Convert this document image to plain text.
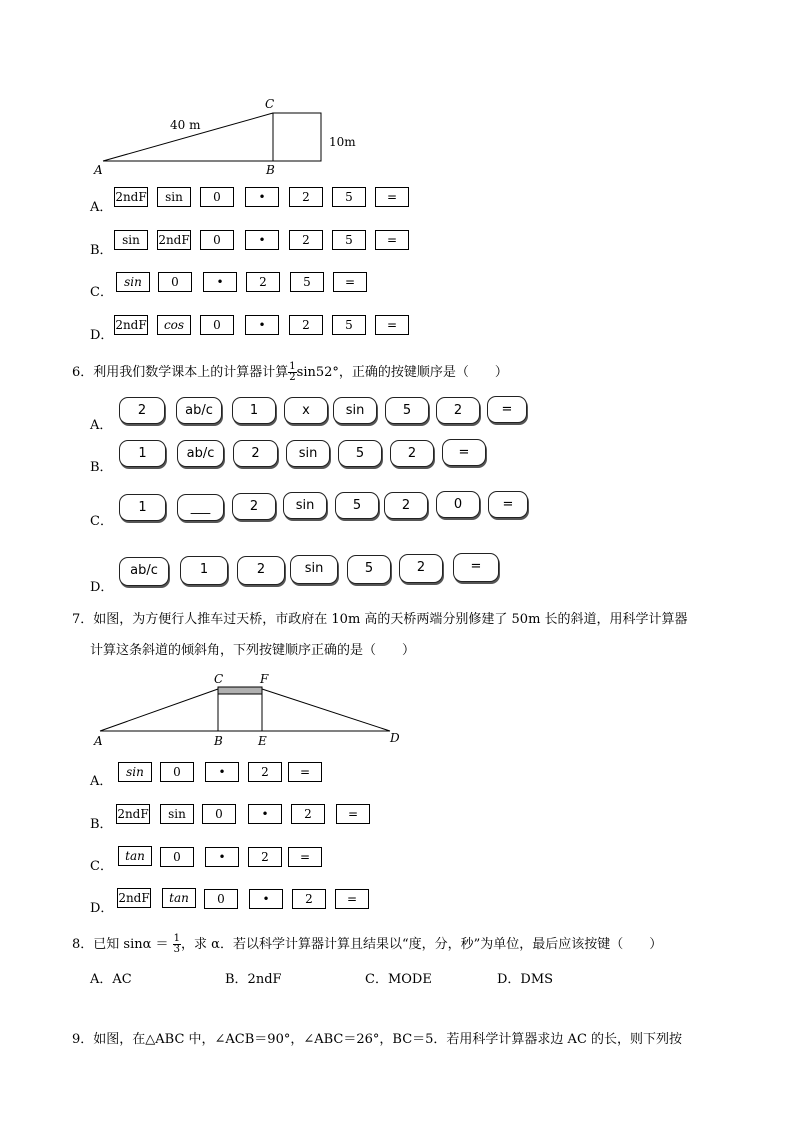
C
A	B
40 m
10m
A．
2ndF	sin	0	•	2	5	=
B．
sin	2ndF	0	•	2	5	=
C．
sin	0	•	2	5	=
D．
2ndF	cos	0	•	2	5	=
6．利用我们数学课本上的计算器计算 $\frac{1}{2} \sin 52^\circ$，正确的按键顺序是（　　）
A．
2	ab/c	1	x	sin	5	2	=
B．
1	ab/c	2	sin	5	2	=
C．
1	___	2	sin	5	2	0	=
D．
ab/c	1	2	sin	5	2	=
7．如图，为方便行人推车过天桥，市政府在 10m 高的天桥两端分别修建了 50m 长的斜道，用科学计算器
计算这条斜道的倾斜角，下列按键顺序正确的是（　　）
C	F
A	B	E	D
A．
sin	0	•	2	=
B．
2ndF	sin	0	•	2	=
C．
tan	0	•	2	=
D．
2ndF	tan	0	•	2	=
8．已知 $\sin\alpha = \frac{1}{3}$ ，求 α．若以科学计算器计算且结果以“度，分，秒”为单位，最后应该按键（　　）
A．AC	B．2ndF	C．MODE	D．DMS
9．如图，在△ABC 中，∠ACB＝90°，∠ABC＝26°，BC＝5．若用科学计算器求边 AC 的长，则下列按
